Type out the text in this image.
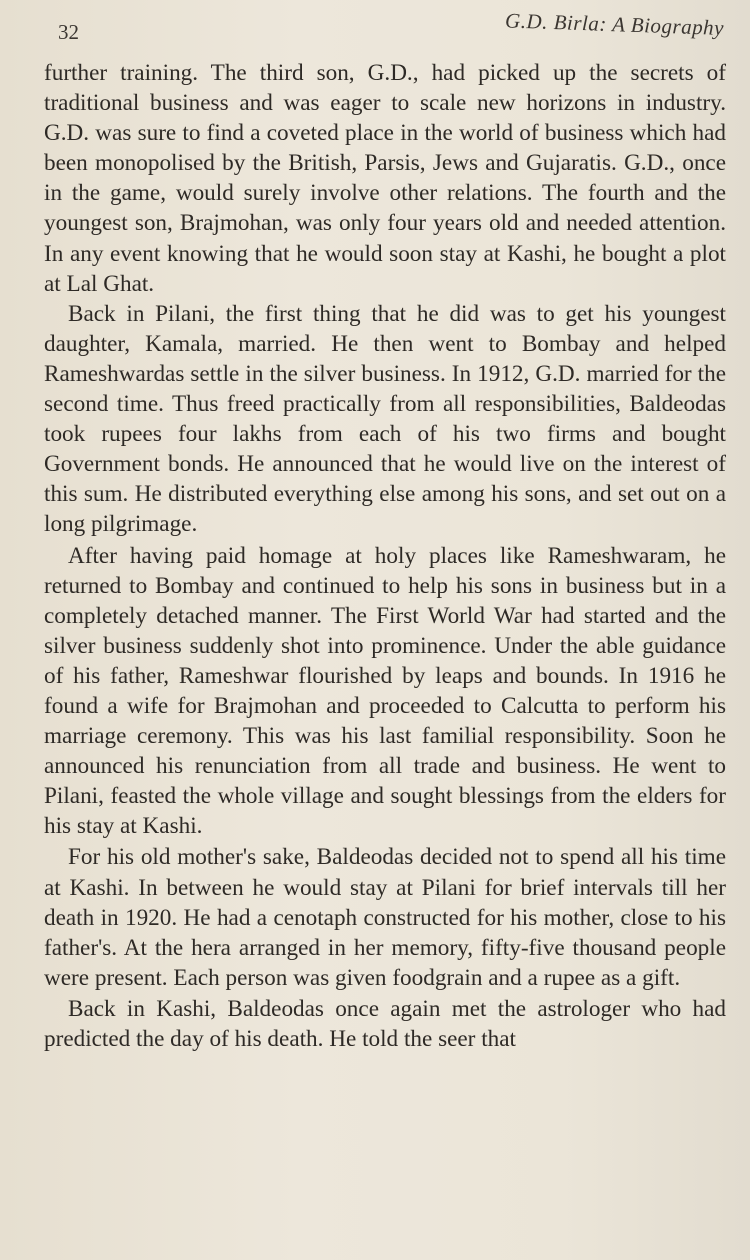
32	G.D. Birla: A Biography

further training. The third son, G.D., had picked up the secrets of traditional business and was eager to scale new horizons in industry. G.D. was sure to find a coveted place in the world of business which had been monopolised by the British, Parsis, Jews and Gujaratis. G.D., once in the game, would surely involve other relations. The fourth and the youngest son, Brajmohan, was only four years old and needed attention. In any event knowing that he would soon stay at Kashi, he bought a plot at Lal Ghat.

Back in Pilani, the first thing that he did was to get his youngest daughter, Kamala, married. He then went to Bombay and helped Rameshwardas settle in the silver business. In 1912, G.D. married for the second time. Thus freed practically from all responsibilities, Baldeodas took rupees four lakhs from each of his two firms and bought Government bonds. He announced that he would live on the interest of this sum. He distributed everything else among his sons, and set out on a long pilgrimage.

After having paid homage at holy places like Rameshwaram, he returned to Bombay and continued to help his sons in business but in a completely detached manner. The First World War had started and the silver business suddenly shot into prominence. Under the able guidance of his father, Rameshwar flourished by leaps and bounds. In 1916 he found a wife for Brajmohan and proceeded to Calcutta to perform his marriage ceremony. This was his last familial responsibility. Soon he announced his renunciation from all trade and business. He went to Pilani, feasted the whole village and sought blessings from the elders for his stay at Kashi.

For his old mother's sake, Baldeodas decided not to spend all his time at Kashi. In between he would stay at Pilani for brief intervals till her death in 1920. He had a cenotaph constructed for his mother, close to his father's. At the hera arranged in her memory, fifty-five thousand people were present. Each person was given foodgrain and a rupee as a gift.

Back in Kashi, Baldeodas once again met the astrologer who had predicted the day of his death. He told the seer that
